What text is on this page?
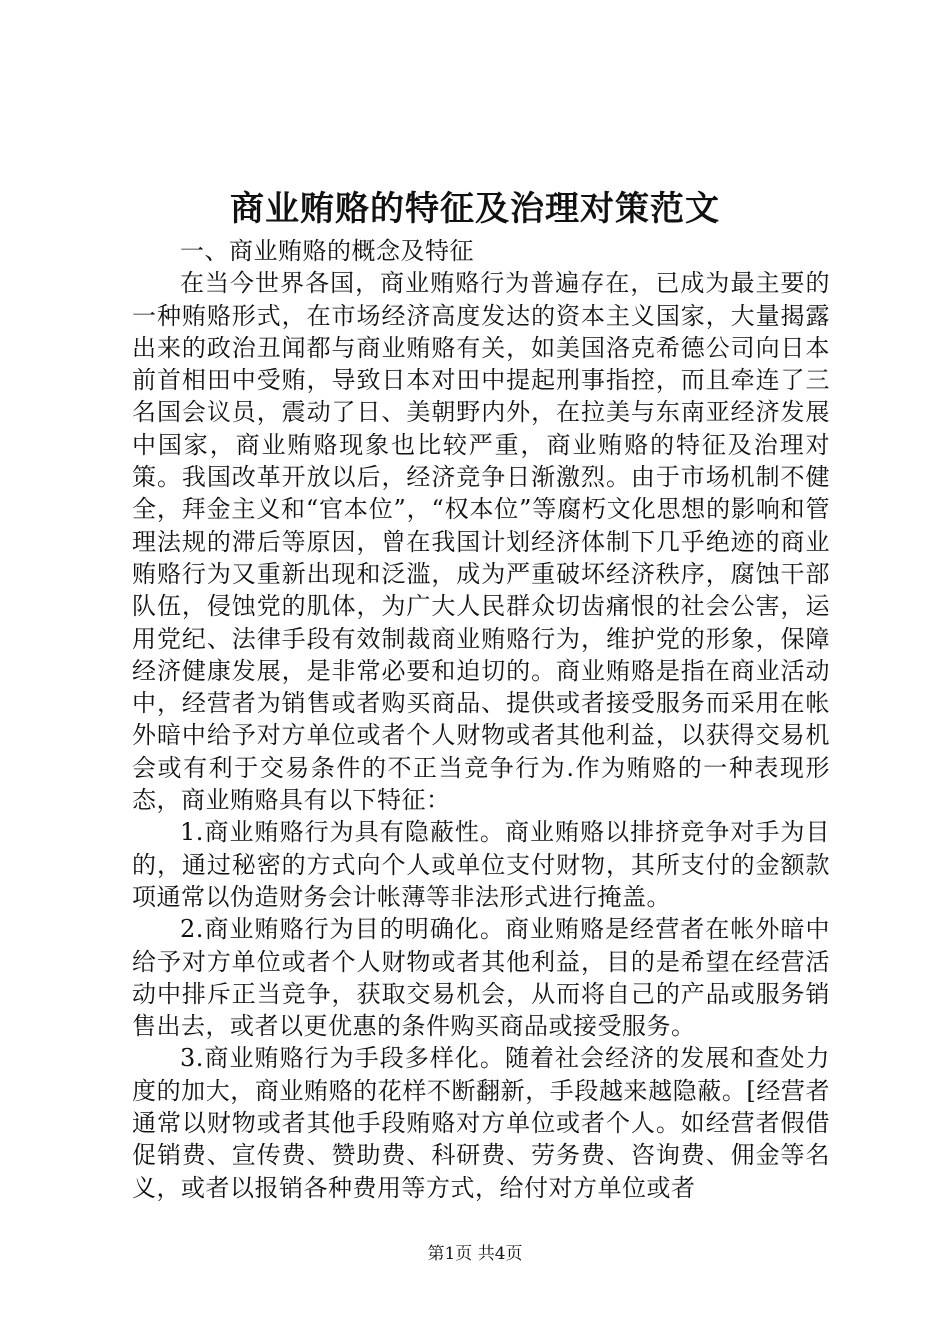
商业贿赂的特征及治理对策范文

一、商业贿赂的概念及特征

在当今世界各国，商业贿赂行为普遍存在，已成为最主要的一种贿赂形式，在市场经济高度发达的资本主义国家，大量揭露出来的政治丑闻都与商业贿赂有关，如美国洛克希德公司向日本前首相田中受贿，导致日本对田中提起刑事指控，而且牵连了三名国会议员，震动了日、美朝野内外，在拉美与东南亚经济发展中国家，商业贿赂现象也比较严重，商业贿赂的特征及治理对策。我国改革开放以后，经济竞争日渐激烈。由于市场机制不健全，拜金主义和“官本位”，“权本位”等腐朽文化思想的影响和管理法规的滞后等原因，曾在我国计划经济体制下几乎绝迹的商业贿赂行为又重新出现和泛滥，成为严重破坏经济秩序，腐蚀干部队伍，侵蚀党的肌体，为广大人民群众切齿痛恨的社会公害，运用党纪、法律手段有效制裁商业贿赂行为，维护党的形象，保障经济健康发展，是非常必要和迫切的。商业贿赂是指在商业活动中，经营者为销售或者购买商品、提供或者接受服务而采用在帐外暗中给予对方单位或者个人财物或者其他利益，以获得交易机会或有利于交易条件的不正当竞争行为.作为贿赂的一种表现形态，商业贿赂具有以下特征：

1.商业贿赂行为具有隐蔽性。商业贿赂以排挤竞争对手为目的，通过秘密的方式向个人或单位支付财物，其所支付的金额款项通常以伪造财务会计帐薄等非法形式进行掩盖。

2.商业贿赂行为目的明确化。商业贿赂是经营者在帐外暗中给予对方单位或者个人财物或者其他利益，目的是希望在经营活动中排斥正当竞争，获取交易机会，从而将自己的产品或服务销售出去，或者以更优惠的条件购买商品或接受服务。

3.商业贿赂行为手段多样化。随着社会经济的发展和查处力度的加大，商业贿赂的花样不断翻新，手段越来越隐蔽。[经营者通常以财物或者其他手段贿赂对方单位或者个人。如经营者假借促销费、宣传费、赞助费、科研费、劳务费、咨询费、佣金等名义，或者以报销各种费用等方式，给付对方单位或者

第1页 共4页
